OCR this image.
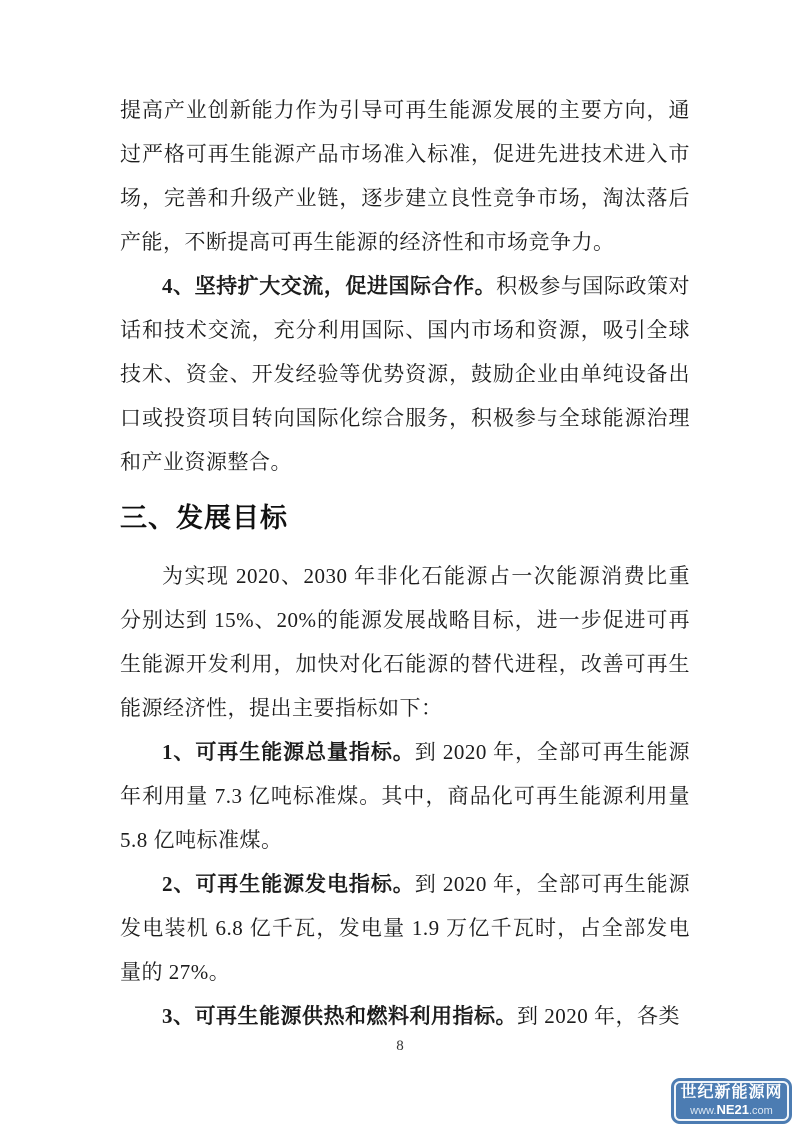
提高产业创新能力作为引导可再生能源发展的主要方向，通过严格可再生能源产品市场准入标准，促进先进技术进入市场，完善和升级产业链，逐步建立良性竞争市场，淘汰落后产能，不断提高可再生能源的经济性和市场竞争力。

4、坚持扩大交流，促进国际合作。积极参与国际政策对话和技术交流，充分利用国际、国内市场和资源，吸引全球技术、资金、开发经验等优势资源，鼓励企业由单纯设备出口或投资项目转向国际化综合服务，积极参与全球能源治理和产业资源整合。

三、发展目标

为实现 2020、2030 年非化石能源占一次能源消费比重分别达到 15%、20%的能源发展战略目标，进一步促进可再生能源开发利用，加快对化石能源的替代进程，改善可再生能源经济性，提出主要指标如下：

1、可再生能源总量指标。到 2020 年，全部可再生能源年利用量 7.3 亿吨标准煤。其中，商品化可再生能源利用量 5.8 亿吨标准煤。

2、可再生能源发电指标。到 2020 年，全部可再生能源发电装机 6.8 亿千瓦，发电量 1.9 万亿千瓦时，占全部发电量的 27%。

3、可再生能源供热和燃料利用指标。到 2020 年，各类

8
世纪新能源网
www.NE21.com
